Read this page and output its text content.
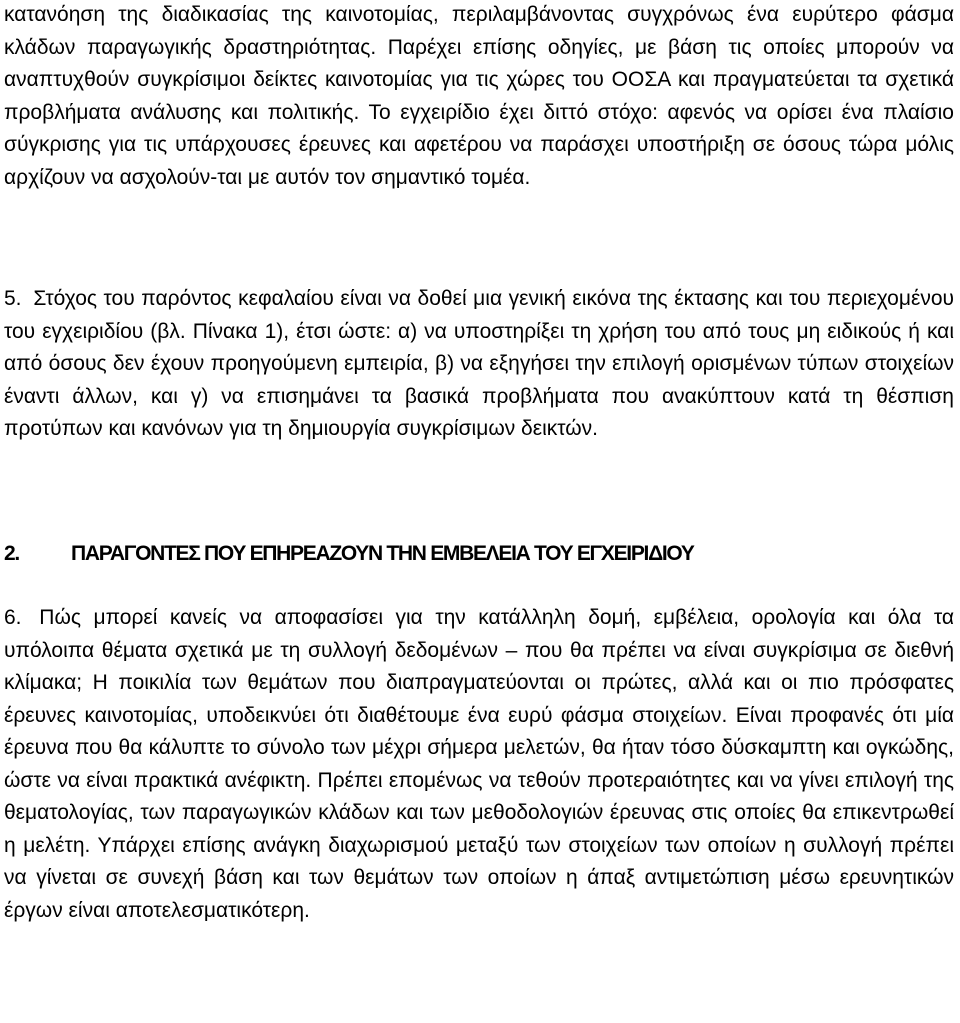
κατανόηση της διαδικασίας της καινοτομίας, περιλαμβάνοντας συγχρόνως ένα ευρύτερο φάσμα κλάδων παραγωγικής δραστηριότητας. Παρέχει επίσης οδηγίες, με βάση τις οποίες μπορούν να αναπτυχθούν συγκρίσιμοι δείκτες καινοτομίας για τις χώρες του ΟΟΣΑ και πραγματεύεται τα σχετικά προβλήματα ανάλυσης και πολιτικής. Το εγχειρίδιο έχει διττό στόχο: αφενός να ορίσει ένα πλαίσιο σύγκρισης για τις υπάρχουσες έρευνες και αφετέρου να παράσχει υποστήριξη σε όσους τώρα μόλις αρχίζουν να ασχολούν-ται με αυτόν τον σημαντικό τομέα.

5. Στόχος του παρόντος κεφαλαίου είναι να δοθεί μια γενική εικόνα της έκτασης και του περιεχομένου του εγχειριδίου (βλ. Πίνακα 1), έτσι ώστε: α) να υποστηρίξει τη χρήση του από τους μη ειδικούς ή και από όσους δεν έχουν προηγούμενη εμπειρία, β) να εξηγήσει την επιλογή ορισμένων τύπων στοιχείων έναντι άλλων, και γ) να επισημάνει τα βασικά προβλήματα που ανακύπτουν κατά τη θέσπιση προτύπων και κανόνων για τη δημιουργία συγκρίσιμων δεικτών.

2. ΠΑΡΑΓΟΝΤΕΣ ΠΟΥ ΕΠΗΡΕΑΖΟΥΝ ΤΗΝ ΕΜΒΕΛΕΙΑ ΤΟΥ ΕΓΧΕΙΡΙΔΙΟΥ

6. Πώς μπορεί κανείς να αποφασίσει για την κατάλληλη δομή, εμβέλεια, ορολογία και όλα τα υπόλοιπα θέματα σχετικά με τη συλλογή δεδομένων – που θα πρέπει να είναι συγκρίσιμα σε διεθνή κλίμακα; Η ποικιλία των θεμάτων που διαπραγματεύονται οι πρώτες, αλλά και οι πιο πρόσφατες έρευνες καινοτομίας, υποδεικνύει ότι διαθέτουμε ένα ευρύ φάσμα στοιχείων. Είναι προφανές ότι μία έρευνα που θα κάλυπτε το σύνολο των μέχρι σήμερα μελετών, θα ήταν τόσο δύσκαμπτη και ογκώδης, ώστε να είναι πρακτικά ανέφικτη. Πρέπει επομένως να τεθούν προτεραιότητες και να γίνει επιλογή της θεματολογίας, των παραγωγικών κλάδων και των μεθοδολογιών έρευνας στις οποίες θα επικεντρωθεί η μελέτη. Υπάρχει επίσης ανάγκη διαχωρισμού μεταξύ των στοιχείων των οποίων η συλλογή πρέπει να γίνεται σε συνεχή βάση και των θεμάτων των οποίων η άπαξ αντιμετώπιση μέσω ερευνητικών έργων είναι αποτελεσματικότερη.
